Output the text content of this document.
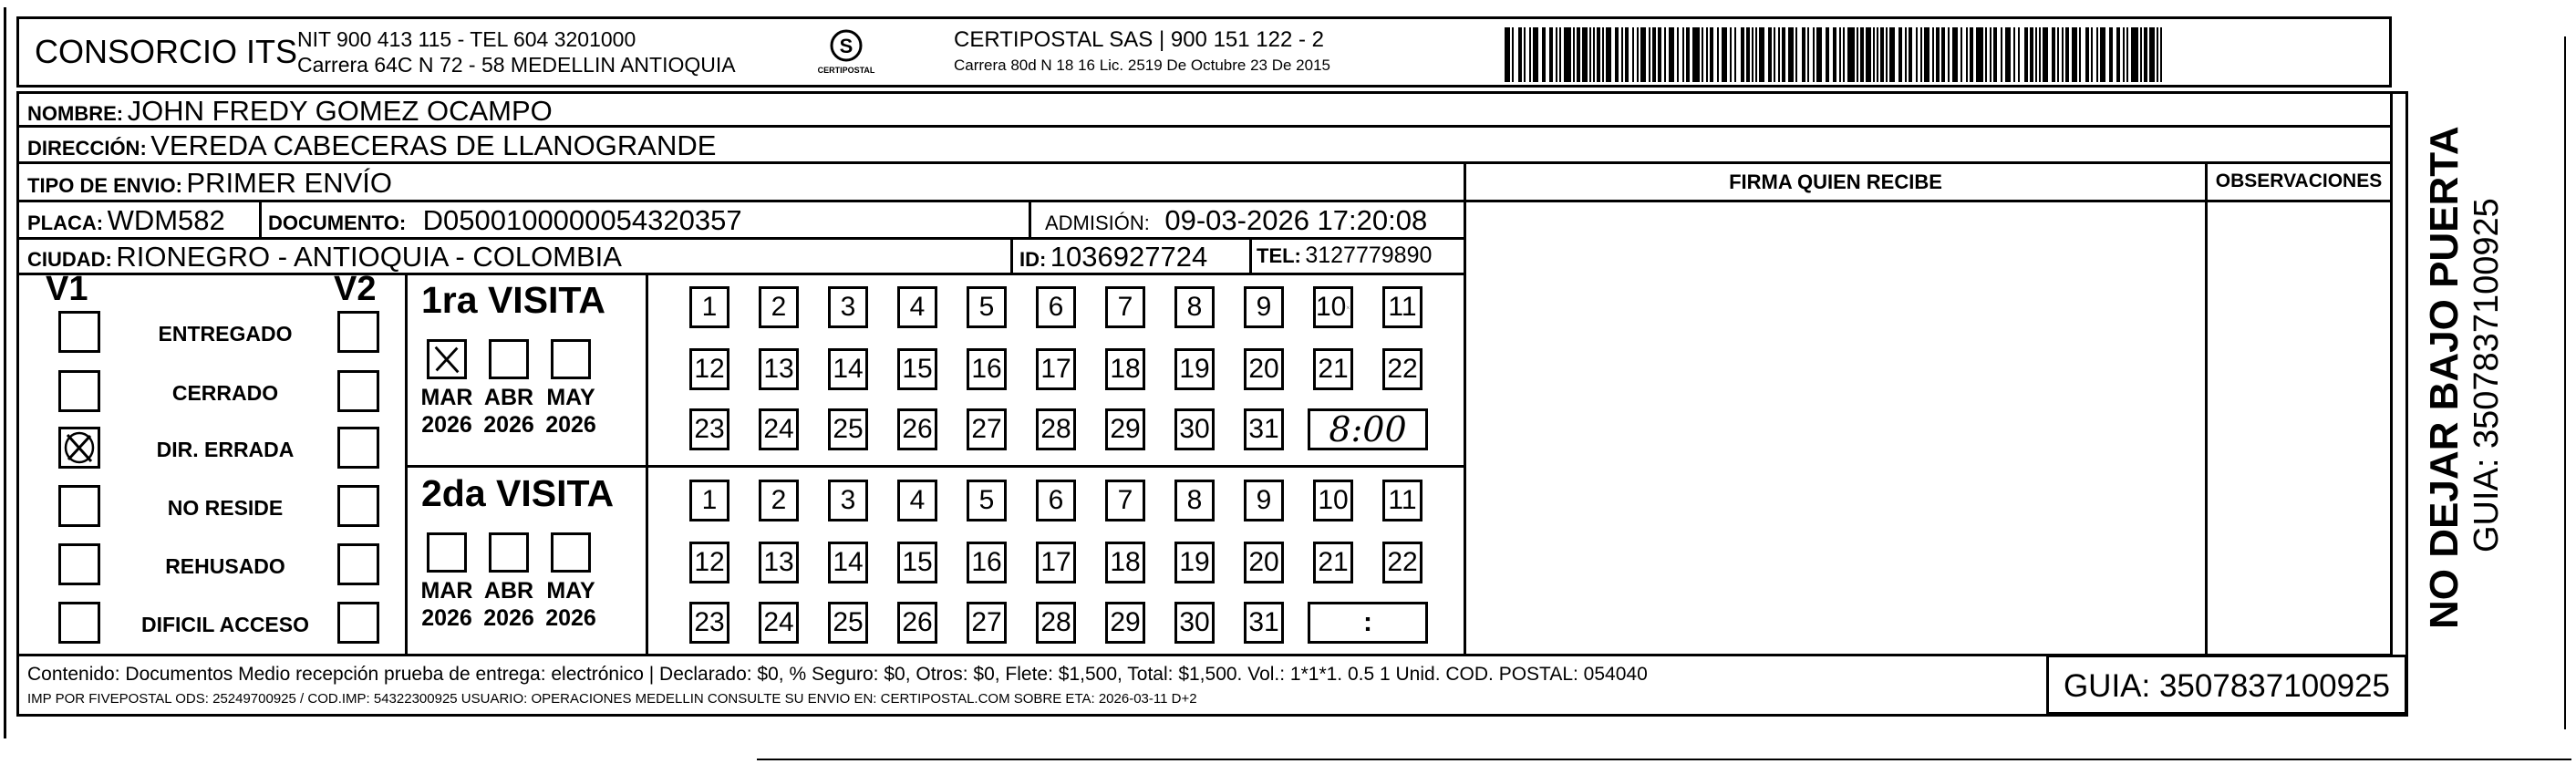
CONSORCIO ITS NIT 900 413 115 - TEL 604 3201000
Carrera 64C N 72 - 58 MEDELLIN ANTIOQUIA
S
CERTIPOSTAL
CERTIPOSTAL SAS | 900 151 122 - 2
Carrera 80d N 18 16 Lic. 2519 De Octubre 23 De 2015
NOMBRE: JOHN FREDY GOMEZ OCAMPO
DIRECCIÓN: VEREDA CABECERAS DE LLANOGRANDE
TIPO DE ENVIO: PRIMER ENVÍO
PLACA: WDM582 DOCUMENTO: D0500100000054320357	ADMISIÓN: 09-03-2026 17:20:08
CIUDAD: RIONEGRO - ANTIOQUIA - COLOMBIA	ID: 1036927724 TEL: 3127779890
FIRMA QUIEN RECIBE	OBSERVACIONES NO DEJAR BAJO PUERTA GUIA: 3507837100925
V1	V2
ENTREGADO
CERRADO
DIR. ERRADA
NO RESIDE
REHUSADO
DIFICIL ACCESO
1ra VISITA
MAR
2026
ABR
2026
MAY
2026
1 2 3 4 5 6 7 8 9 10 11
12 13 14 15 16 17 18 19 20 21 22
23 24 25 26 27 28 29 30 31 8:00
2da VISITA
MAR
2026
ABR
2026
MAY
2026
1 2 3 4 5 6 7 8 9 10 11
12 13 14 15 16 17 18 19 20 21 22
23 24 25 26 27 28 29 30 31	:
Contenido: Documentos Medio recepción prueba de entrega: electrónico | Declarado: $0, % Seguro: $0, Otros: $0, Flete: $1,500, Total: $1,500. Vol.: 1*1*1. 0.5 1 Unid. COD. POSTAL: 054040
IMP POR FIVEPOSTAL ODS: 25249700925 / COD.IMP: 54322300925 USUARIO: OPERACIONES MEDELLIN CONSULTE SU ENVIO EN: CERTIPOSTAL.COM SOBRE ETA: 2026-03-11 D+2	GUIA: 3507837100925
